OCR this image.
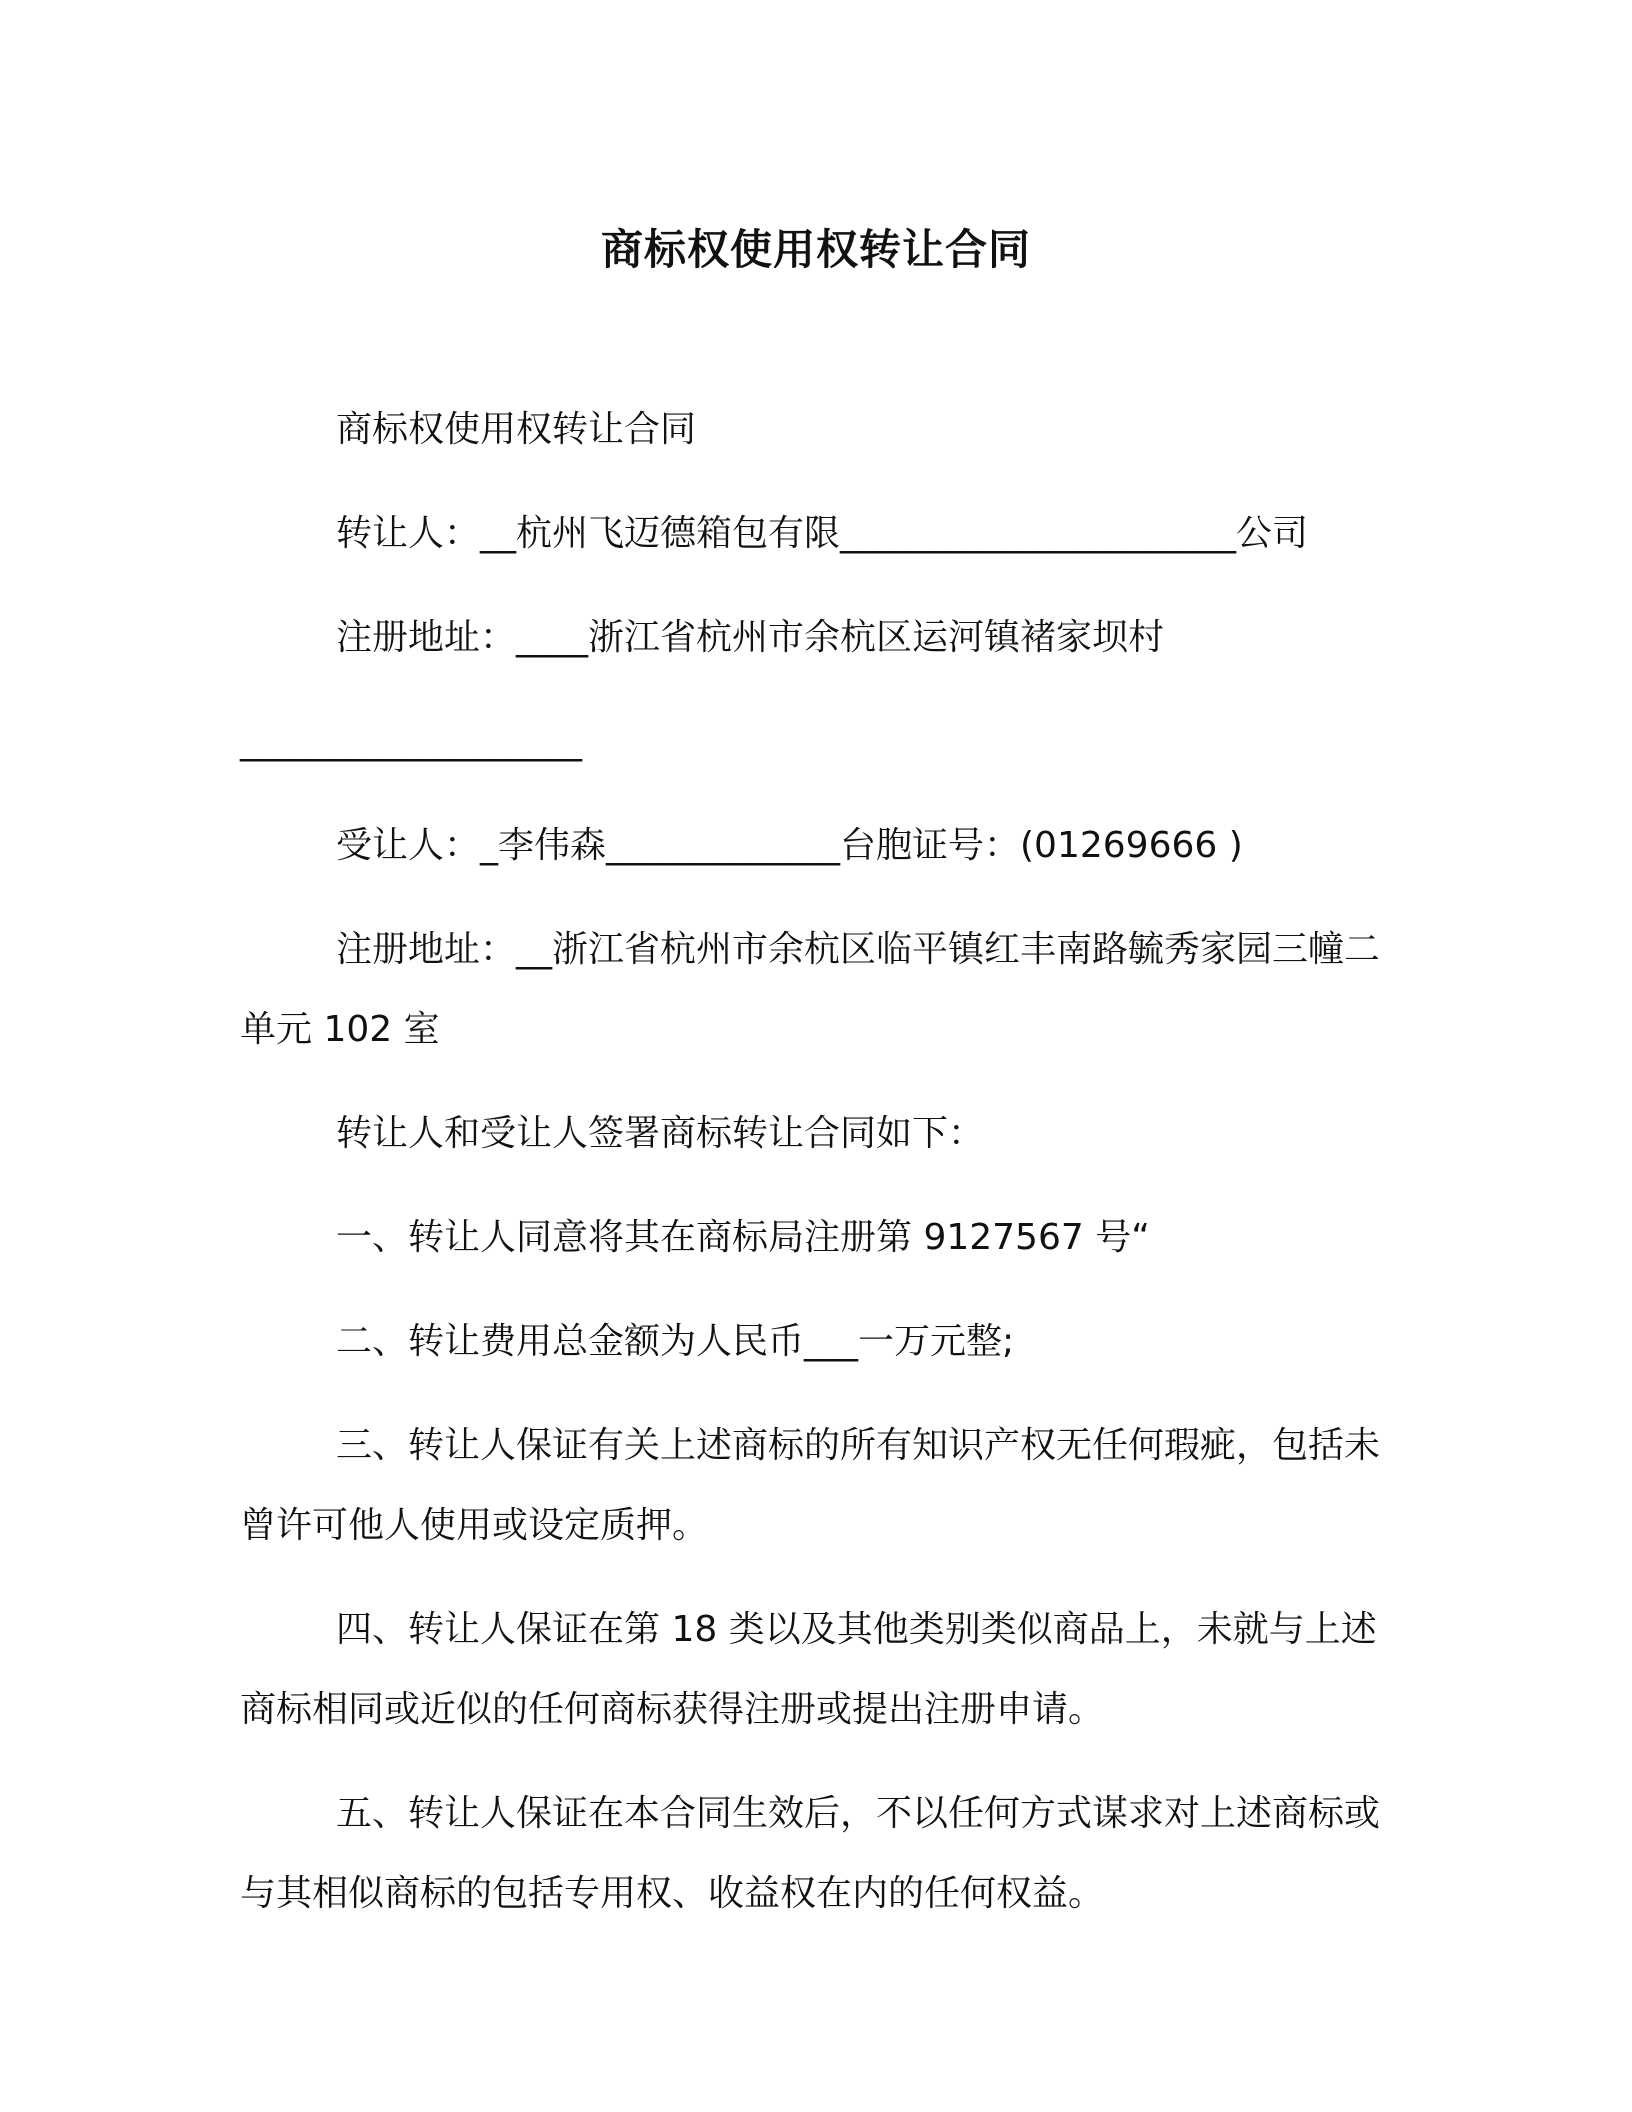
商标权使用权转让合同

商标权使用权转让合同

转让人：__杭州飞迈德箱包有限______________________公司

注册地址：____浙江省杭州市余杭区运河镇褚家坝村

___________________

受让人：_李伟森_____________台胞证号：(01269666 )

注册地址：__浙江省杭州市余杭区临平镇红丰南路毓秀家园三幢二单元 102 室

转让人和受让人签署商标转让合同如下：

一、转让人同意将其在商标局注册第 9127567 号“

二、转让费用总金额为人民币___一万元整;

三、转让人保证有关上述商标的所有知识产权无任何瑕疵，包括未曾许可他人使用或设定质押。

四、转让人保证在第 18 类以及其他类别类似商品上，未就与上述商标相同或近似的任何商标获得注册或提出注册申请。

五、转让人保证在本合同生效后，不以任何方式谋求对上述商标或与其相似商标的包括专用权、收益权在内的任何权益。
